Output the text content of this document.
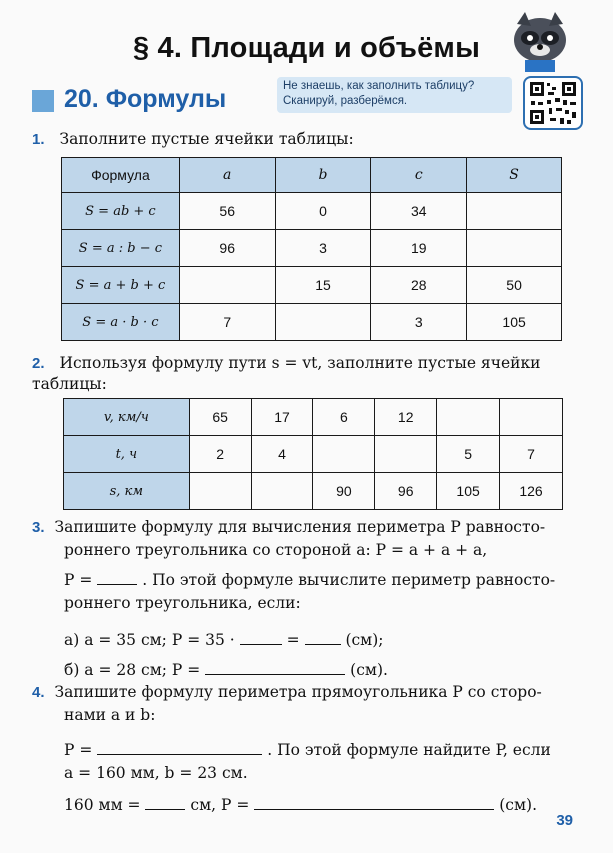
§ 4. Площади и объёмы
20. Формулы	Не знаешь, как заполнить таблицу? Сканируй, разберёмся.
1. Заполните пустые ячейки таблицы:
Формула	a	b	c	S
S = ab + c	56	0	34	
S = a : b − c	96	3	19	
S = a + b + c		15	28	50
S = a · b · c	7		3	105
2. Используя формулу пути s = vt, заполните пустые ячейки таблицы:
v, км/ч	65	17	6	12		
t, ч	2	4			5	7
s, км			90	96	105	126
3. Запишите формулу для вычисления периметра P равносто-
роннего треугольника со стороной a: P = a + a + a,
P =	. По этой формуле вычислите периметр равносто-
роннего треугольника, если:
а) a = 35 см; P = 35 ·	=	(см);
б) a = 28 см; P =	(см).
4. Запишите формулу периметра прямоугольника P со сторо-
нами a и b:
P =	. По этой формуле найдите P, если
a = 160 мм, b = 23 см.
160 мм =	см, P =	(см).
39
